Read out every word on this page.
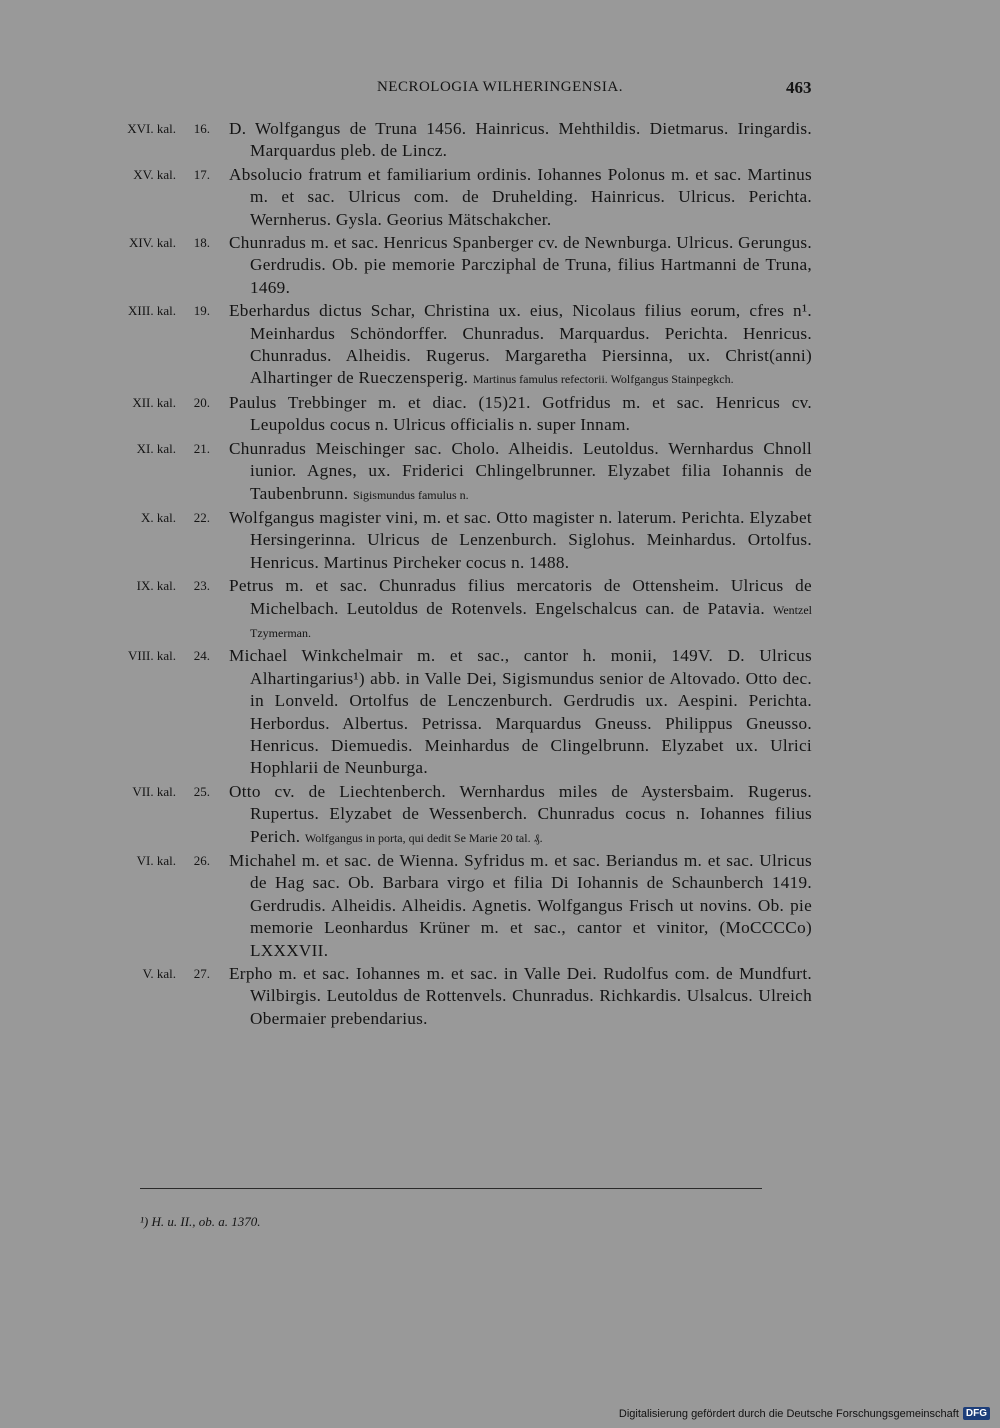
NECROLOGIA WILHERINGENSIA.	463
XVI. kal.	16. D. Wolfgangus de Truna 1456. Hainricus. Mehthildis. Dietmarus. Iringardis. Marquardus pleb. de Lincz.
XV. kal.	17. Absolucio fratrum et familiarium ordinis. Iohannes Polonus m. et sac. Martinus m. et sac. Ulricus com. de Druhelding. Hainricus. Ulricus. Perichta. Wernherus. Gysla. Georius Mätschakcher.
XIV. kal.	18. Chunradus m. et sac. Henricus Spanberger cv. de Newnburga. Ulricus. Gerungus. Gerdrudis. Ob. pie memorie Parcziphal de Truna, filius Hartmanni de Truna, 1469.
XIII. kal.	19. Eberhardus dictus Schar, Christina ux. eius, Nicolaus filius eorum, cfres n¹. Meinhardus Schöndorffer. Chunradus. Marquardus. Perichta. Henricus. Chunradus. Alheidis. Rugerus. Margaretha Piersinna, ux. Christ(anni) Alhartinger de Rueczensperig. Martinus famulus refectorii. Wolfgangus Stainpegkch.
XII. kal.	20. Paulus Trebbinger m. et diac. (15)21. Gotfridus m. et sac. Henricus cv. Leupoldus cocus n. Ulricus officialis n. super Innam.
XI. kal.	21. Chunradus Meischinger sac. Cholo. Alheidis. Leutoldus. Wernhardus Chnoll iunior. Agnes, ux. Friderici Chlingelbrunner. Elyzabet filia Iohannis de Taubenbrunn. Sigismundus famulus n.
X. kal.	22. Wolfgangus magister vini, m. et sac. Otto magister n. laterum. Perichta. Elyzabet Hersingerinna. Ulricus de Lenzenburch. Siglohus. Meinhardus. Ortolfus. Henricus. Martinus Pircheker cocus n. 1488.
IX. kal.	23. Petrus m. et sac. Chunradus filius mercatoris de Ottensheim. Ulricus de Michelbach. Leutoldus de Rotenvels. Engelschalcus can. de Patavia. Wentzel Tzymerman.
VIII. kal.	24. Michael Winkchelmair m. et sac., cantor h. monii, 149V. D. Ulricus Alhartingarius¹) abb. in Valle Dei, Sigismundus senior de Altovado. Otto dec. in Lonveld. Ortolfus de Lenczenburch. Gerdrudis ux. Aespini. Perichta. Herbordus. Albertus. Petrissa. Marquardus Gneuss. Philippus Gneusso. Henricus. Diemuedis. Meinhardus de Clingelbrunn. Elyzabet ux. Ulrici Hophlarii de Neunburga.
VII. kal.	25. Otto cv. de Liechtenberch. Wernhardus miles de Aystersbaim. Rugerus. Rupertus. Elyzabet de Wessenberch. Chunradus cocus n. Iohannes filius Perich. Wolfgangus in porta, qui dedit Se Marie 20 tal. ₰.
VI. kal.	26. Michahel m. et sac. de Wienna. Syfridus m. et sac. Beriandus m. et sac. Ulricus de Hag sac. Ob. Barbara virgo et filia Di Iohannis de Schaunberch 1419. Gerdrudis. Alheidis. Alheidis. Agnetis. Wolfgangus Frisch ut novins. Ob. pie memorie Leonhardus Krüner m. et sac., cantor et vinitor, (MoCCCCo) LXXXVII.
V. kal.	27. Erpho m. et sac. Iohannes m. et sac. in Valle Dei. Rudolfus com. de Mundfurt. Wilbirgis. Leutoldus de Rottenvels. Chunradus. Richkardis. Ulsalcus. Ulreich Obermaier prebendarius.
¹) H. u. II., ob. a. 1370.
Digitalisierung gefördert durch die Deutsche Forschungsgemeinschaft DFG
